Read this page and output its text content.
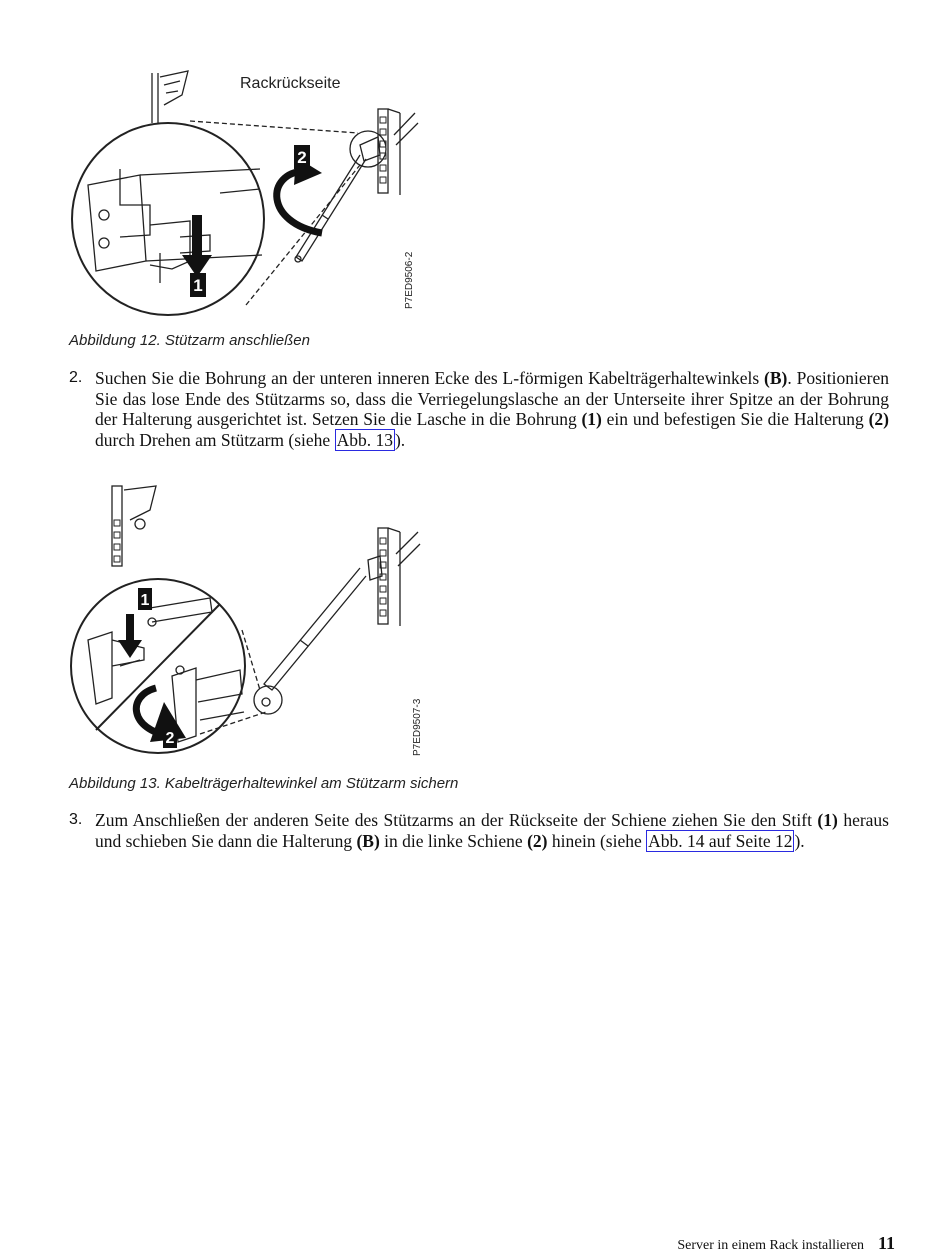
2
1
Rackrückseite
P7ED9506-2
Abbildung 12. Stützarm anschließen
2. Suchen Sie die Bohrung an der unteren inneren Ecke des L-förmigen Kabelträgerhaltewinkels (B). Positionieren Sie das lose Ende des Stützarms so, dass die Verriegelungslasche an der Unterseite ihrer Spitze an der Bohrung der Halterung ausgerichtet ist. Setzen Sie die Lasche in die Bohrung (1) ein und befestigen Sie die Halterung (2) durch Drehen am Stützarm (siehe Abb. 13 ).
1
2	P7ED9507-3
Abbildung 13. Kabelträgerhaltewinkel am Stützarm sichern
3. Zum Anschließen der anderen Seite des Stützarms an der Rückseite der Schiene ziehen Sie den Stift (1) heraus und schieben Sie dann die Halterung (B) in die linke Schiene (2) hinein (siehe Abb. 14 auf Seite 12 ).
Server in einem Rack installieren 11
